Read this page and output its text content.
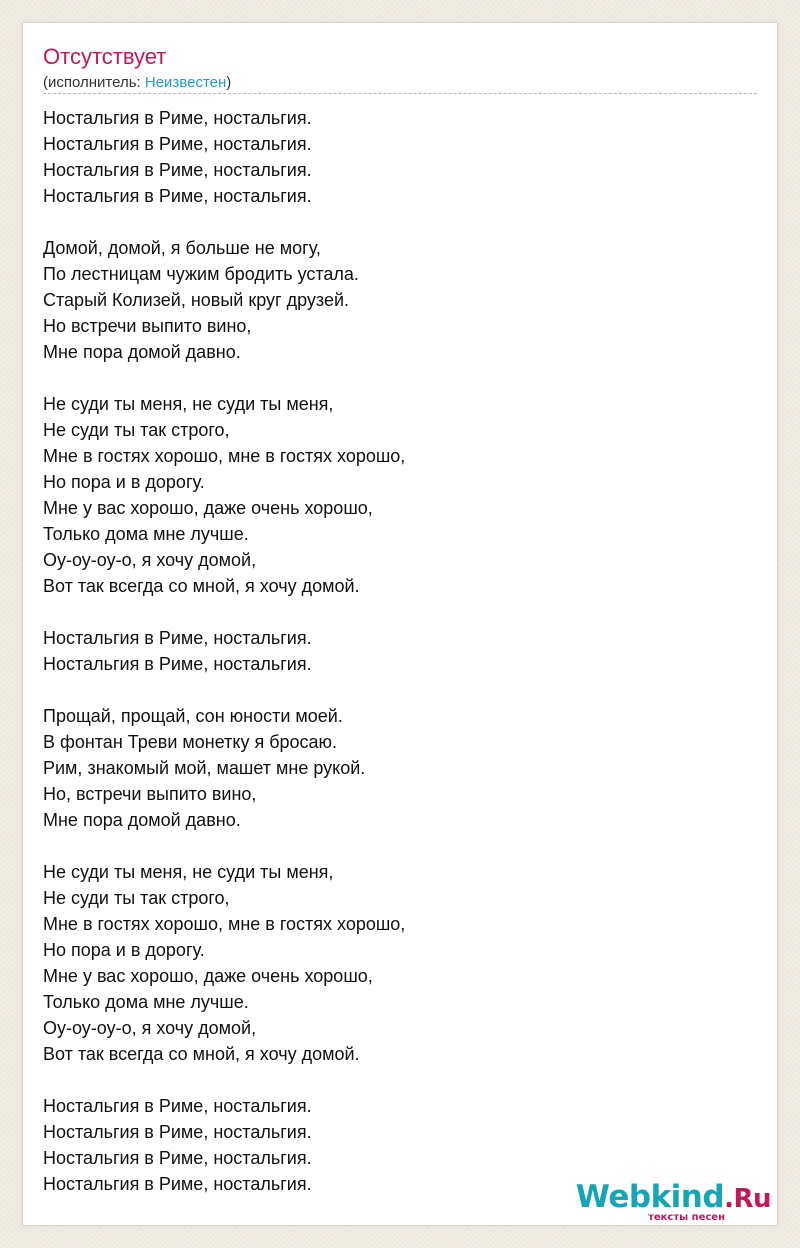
Отсутствует
(исполнитель: Неизвестен)
Ностальгия в Риме, ностальгия.
Ностальгия в Риме, ностальгия.
Ностальгия в Риме, ностальгия.
Ностальгия в Риме, ностальгия.
Домой, домой, я больше не могу,
По лестницам чужим бродить устала.
Старый Колизей, новый круг друзей.
Но встречи выпито вино,
Мне пора домой давно.
Не суди ты меня, не суди ты меня,
Не суди ты так строго,
Мне в гостях хорошо, мне в гостях хорошо,
Но пора и в дорогу.
Мне у вас хорошо, даже очень хорошо,
Только дома мне лучше.
Оу-оу-оу-о, я хочу домой,
Вот так всегда со мной, я хочу домой.
Ностальгия в Риме, ностальгия.
Ностальгия в Риме, ностальгия.
Прощай, прощай, сон юности моей.
В фонтан Треви монетку я бросаю.
Рим, знакомый мой, машет мне рукой.
Но, встречи выпито вино,
Мне пора домой давно.
Не суди ты меня, не суди ты меня,
Не суди ты так строго,
Мне в гостях хорошо, мне в гостях хорошо,
Но пора и в дорогу.
Мне у вас хорошо, даже очень хорошо,
Только дома мне лучше.
Оу-оу-оу-о, я хочу домой,
Вот так всегда со мной, я хочу домой.
Ностальгия в Риме, ностальгия.
Ностальгия в Риме, ностальгия.
Ностальгия в Риме, ностальгия.
Ностальгия в Риме, ностальгия.	Webkind.Ru
тексты песен
